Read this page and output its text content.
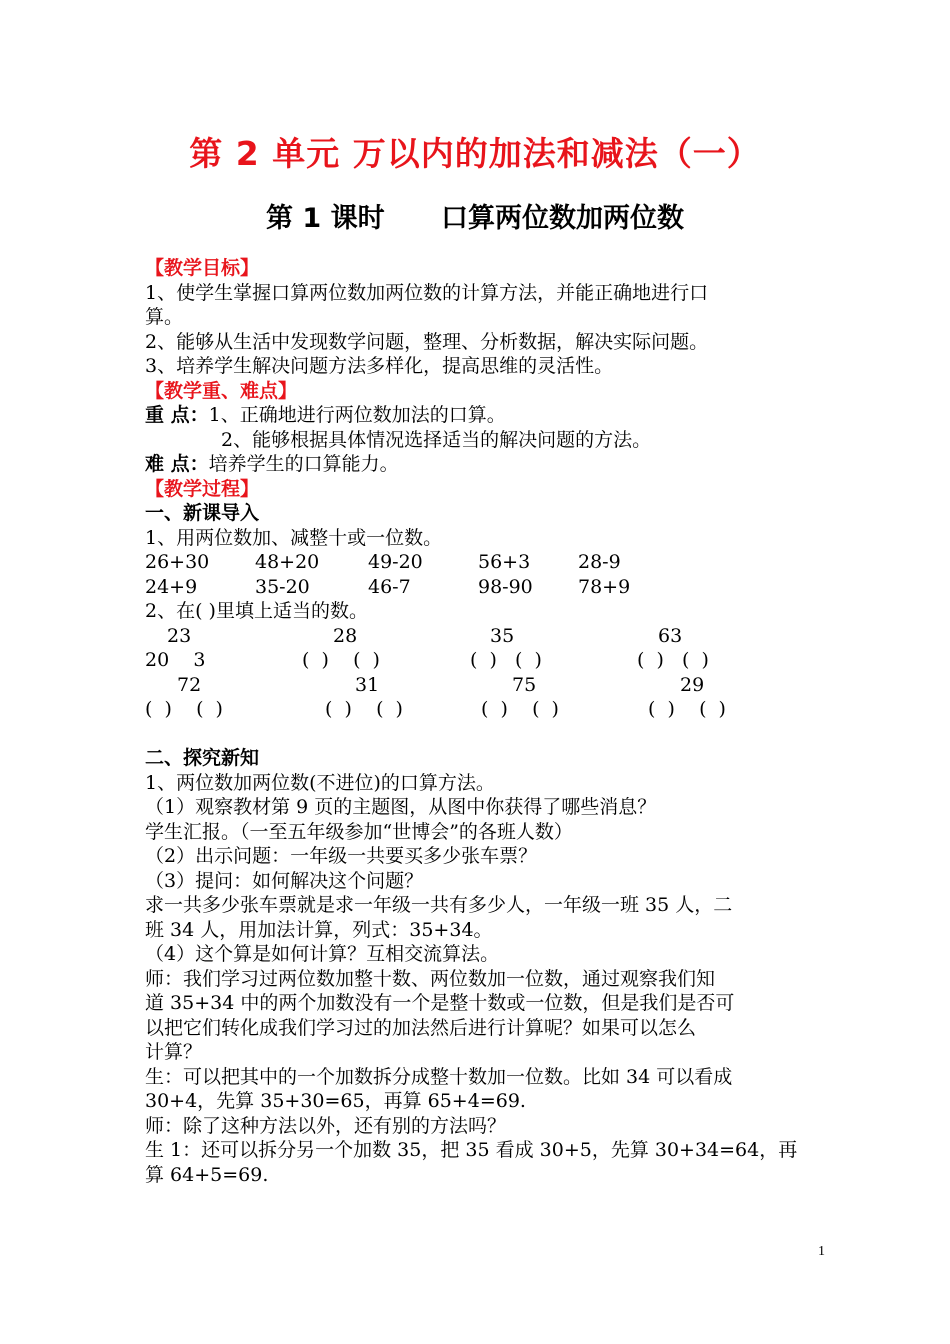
第 2 单元 万以内的加法和减法（一）
第 1 课时      口算两位数加两位数
【教学目标】
1、使学生掌握口算两位数加两位数的计算方法，并能正确地进行口
算。
2、能够从生活中发现数学问题，整理、分析数据，解决实际问题。
3、培养学生解决问题方法多样化，提高思维的灵活性。
【教学重、难点】
重 点：1、正确地进行两位数加法的口算。
2、能够根据具体情况选择适当的解决问题的方法。
难 点：培养学生的口算能力。
【教学过程】
一、新课导入
1、用两位数加、减整十或一位数。
26+30 48+20	49-20	56+3	28-9
24+9	35-20	46-7	98-90 78+9
2、在( )里填上适当的数。
23	28	35	63
20    3	(  )    (  )	(  )   (  )	(  )   (  )
72	31	75	29
(  )    (  )	(  )    (  )	(  )    (  )	(  )    (  )
二、探究新知
1、两位数加两位数(不进位)的口算方法。
（1）观察教材第 9 页的主题图，从图中你获得了哪些消息？
学生汇报。（一至五年级参加“世博会”的各班人数）
（2）出示问题：一年级一共要买多少张车票？
（3）提问：如何解决这个问题？
求一共多少张车票就是求一年级一共有多少人，一年级一班 35 人，二
班 34 人，用加法计算，列式：35+34。
（4）这个算是如何计算？互相交流算法。
师：我们学习过两位数加整十数、两位数加一位数，通过观察我们知
道 35+34 中的两个加数没有一个是整十数或一位数，但是我们是否可
以把它们转化成我们学习过的加法然后进行计算呢？如果可以怎么
计算？
生：可以把其中的一个加数拆分成整十数加一位数。比如 34 可以看成
30+4，先算 35+30=65，再算 65+4=69.
师：除了这种方法以外，还有别的方法吗？
生 1：还可以拆分另一个加数 35，把 35 看成 30+5，先算 30+34=64，再
算 64+5=69.
1
